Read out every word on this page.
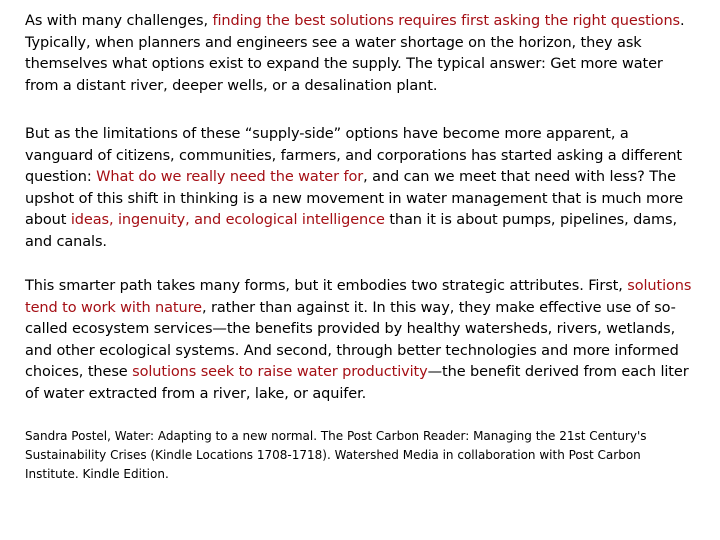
As with many challenges, finding the best solutions requires first asking the right questions. Typically, when planners and engineers see a water shortage on the horizon, they ask themselves what options exist to expand the supply. The typical answer: Get more water from a distant river, deeper wells, or a desalination plant.

But as the limitations of these “supply-side” options have become more apparent, a vanguard of citizens, communities, farmers, and corporations has started asking a different question: What do we really need the water for, and can we meet that need with less? The upshot of this shift in thinking is a new movement in water management that is much more about ideas, ingenuity, and ecological intelligence than it is about pumps, pipelines, dams, and canals.

This smarter path takes many forms, but it embodies two strategic attributes. First, solutions tend to work with nature, rather than against it. In this way, they make effective use of so-called ecosystem services—the benefits provided by healthy watersheds, rivers, wetlands, and other ecological systems. And second, through better technologies and more informed choices, these solutions seek to raise water productivity—the benefit derived from each liter of water extracted from a river, lake, or aquifer.

Sandra Postel, Water: Adapting to a new normal. The Post Carbon Reader: Managing the 21st Century's Sustainability Crises (Kindle Locations 1708-1718). Watershed Media in collaboration with Post Carbon Institute. Kindle Edition.
